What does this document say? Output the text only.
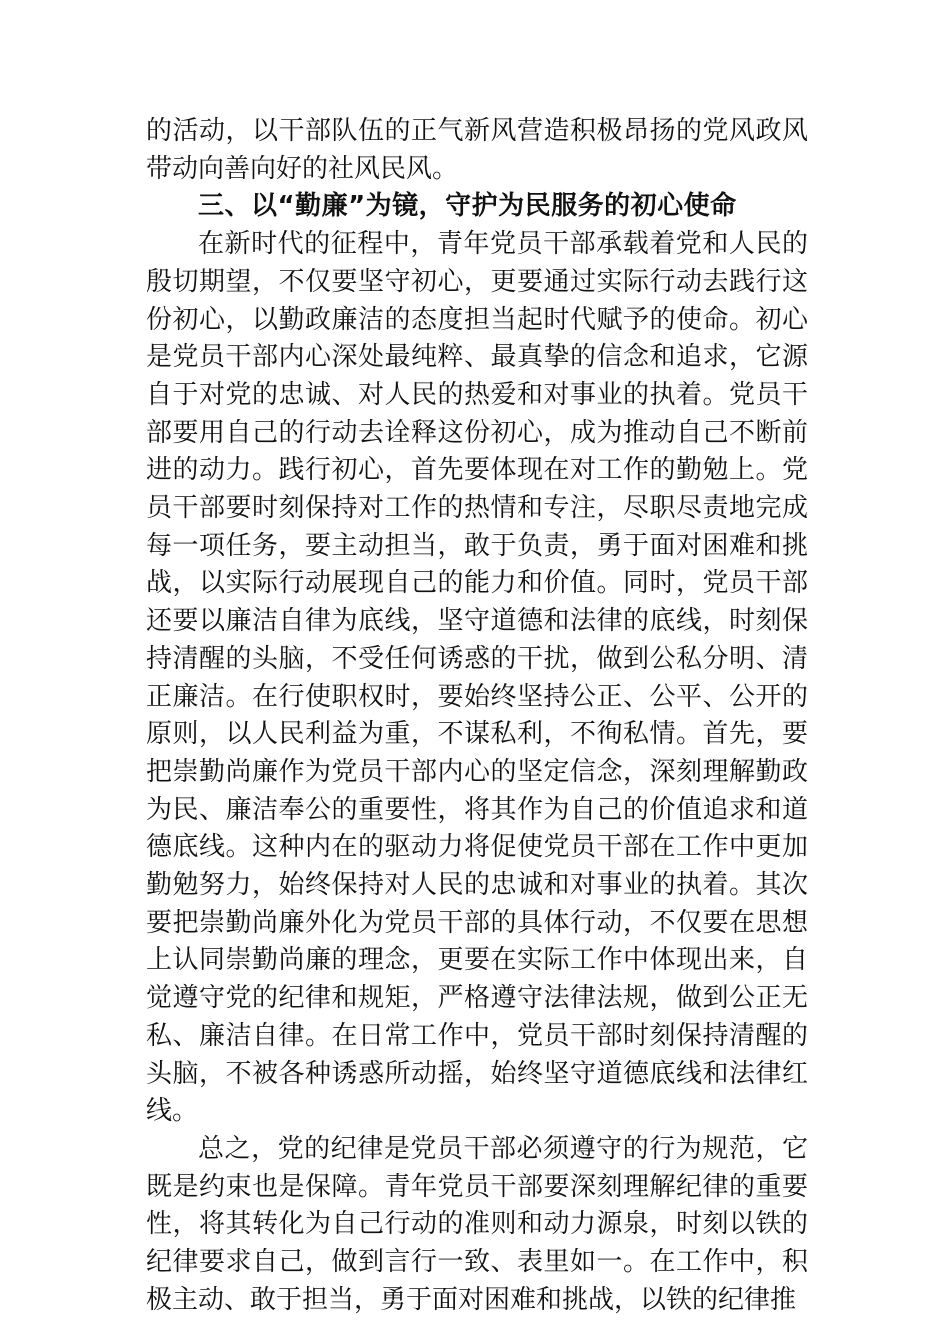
的活动，以干部队伍的正气新风营造积极昂扬的党风政风带动向善向好的社风民风。

三、以“勤廉”为镜，守护为民服务的初心使命

在新时代的征程中，青年党员干部承载着党和人民的殷切期望，不仅要坚守初心，更要通过实际行动去践行这份初心，以勤政廉洁的态度担当起时代赋予的使命。初心是党员干部内心深处最纯粹、最真挚的信念和追求，它源自于对党的忠诚、对人民的热爱和对事业的执着。党员干部要用自己的行动去诠释这份初心，成为推动自己不断前进的动力。践行初心，首先要体现在对工作的勤勉上。党员干部要时刻保持对工作的热情和专注，尽职尽责地完成每一项任务，要主动担当，敢于负责，勇于面对困难和挑战，以实际行动展现自己的能力和价值。同时，党员干部还要以廉洁自律为底线，坚守道德和法律的底线，时刻保持清醒的头脑，不受任何诱惑的干扰，做到公私分明、清正廉洁。在行使职权时，要始终坚持公正、公平、公开的原则，以人民利益为重，不谋私利，不徇私情。首先，要把崇勤尚廉作为党员干部内心的坚定信念，深刻理解勤政为民、廉洁奉公的重要性，将其作为自己的价值追求和道德底线。这种内在的驱动力将促使党员干部在工作中更加勤勉努力，始终保持对人民的忠诚和对事业的执着。其次要把崇勤尚廉外化为党员干部的具体行动，不仅要在思想上认同崇勤尚廉的理念，更要在实际工作中体现出来，自觉遵守党的纪律和规矩，严格遵守法律法规，做到公正无私、廉洁自律。在日常工作中，党员干部时刻保持清醒的头脑，不被各种诱惑所动摇，始终坚守道德底线和法律红线。

总之，党的纪律是党员干部必须遵守的行为规范，它既是约束也是保障。青年党员干部要深刻理解纪律的重要性，将其转化为自己行动的准则和动力源泉，时刻以铁的纪律要求自己，做到言行一致、表里如一。在工作中，积极主动、敢于担当，勇于面对困难和挑战，以铁的纪律推
